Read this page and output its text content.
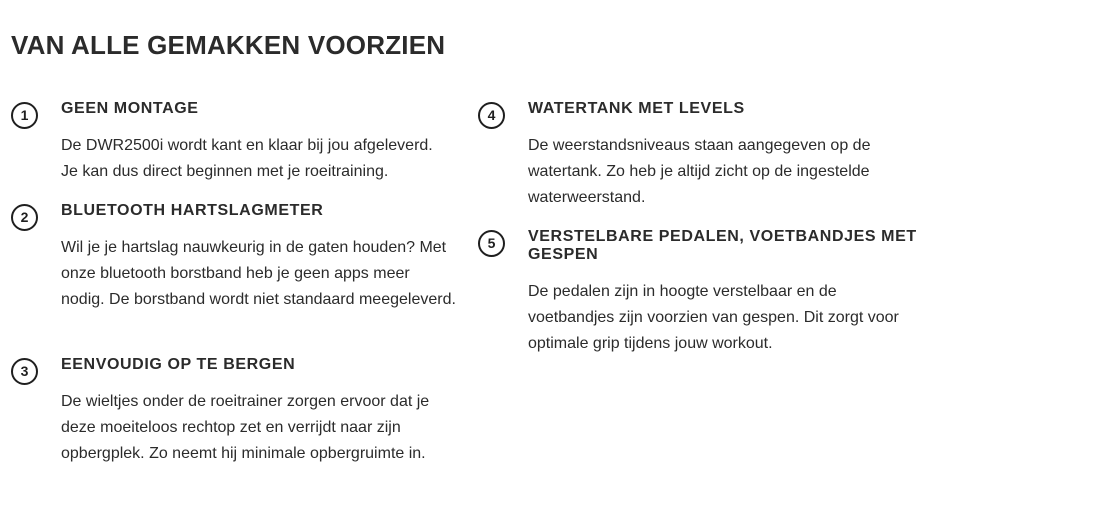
VAN ALLE GEMAKKEN VOORZIEN
1	GEEN MONTAGE

De DWR2500i wordt kant en klaar bij jou afgeleverd. Je kan dus direct beginnen met je roeitraining.

2	BLUETOOTH HARTSLAGMETER

Wil je je hartslag nauwkeurig in de gaten houden? Met onze bluetooth borstband heb je geen apps meer nodig. De borstband wordt niet standaard meegeleverd.

3	EENVOUDIG OP TE BERGEN

De wieltjes onder de roeitrainer zorgen ervoor dat je deze moeiteloos rechtop zet en verrijdt naar zijn opbergplek. Zo neemt hij minimale opbergruimte in.

4	WATERTANK MET LEVELS

De weerstandsniveaus staan aangegeven op de watertank. Zo heb je altijd zicht op de ingestelde waterweerstand.

5	VERSTELBARE PEDALEN, VOETBANDJES MET GESPEN

De pedalen zijn in hoogte verstelbaar en de voetbandjes zijn voorzien van gespen. Dit zorgt voor optimale grip tijdens jouw workout.
